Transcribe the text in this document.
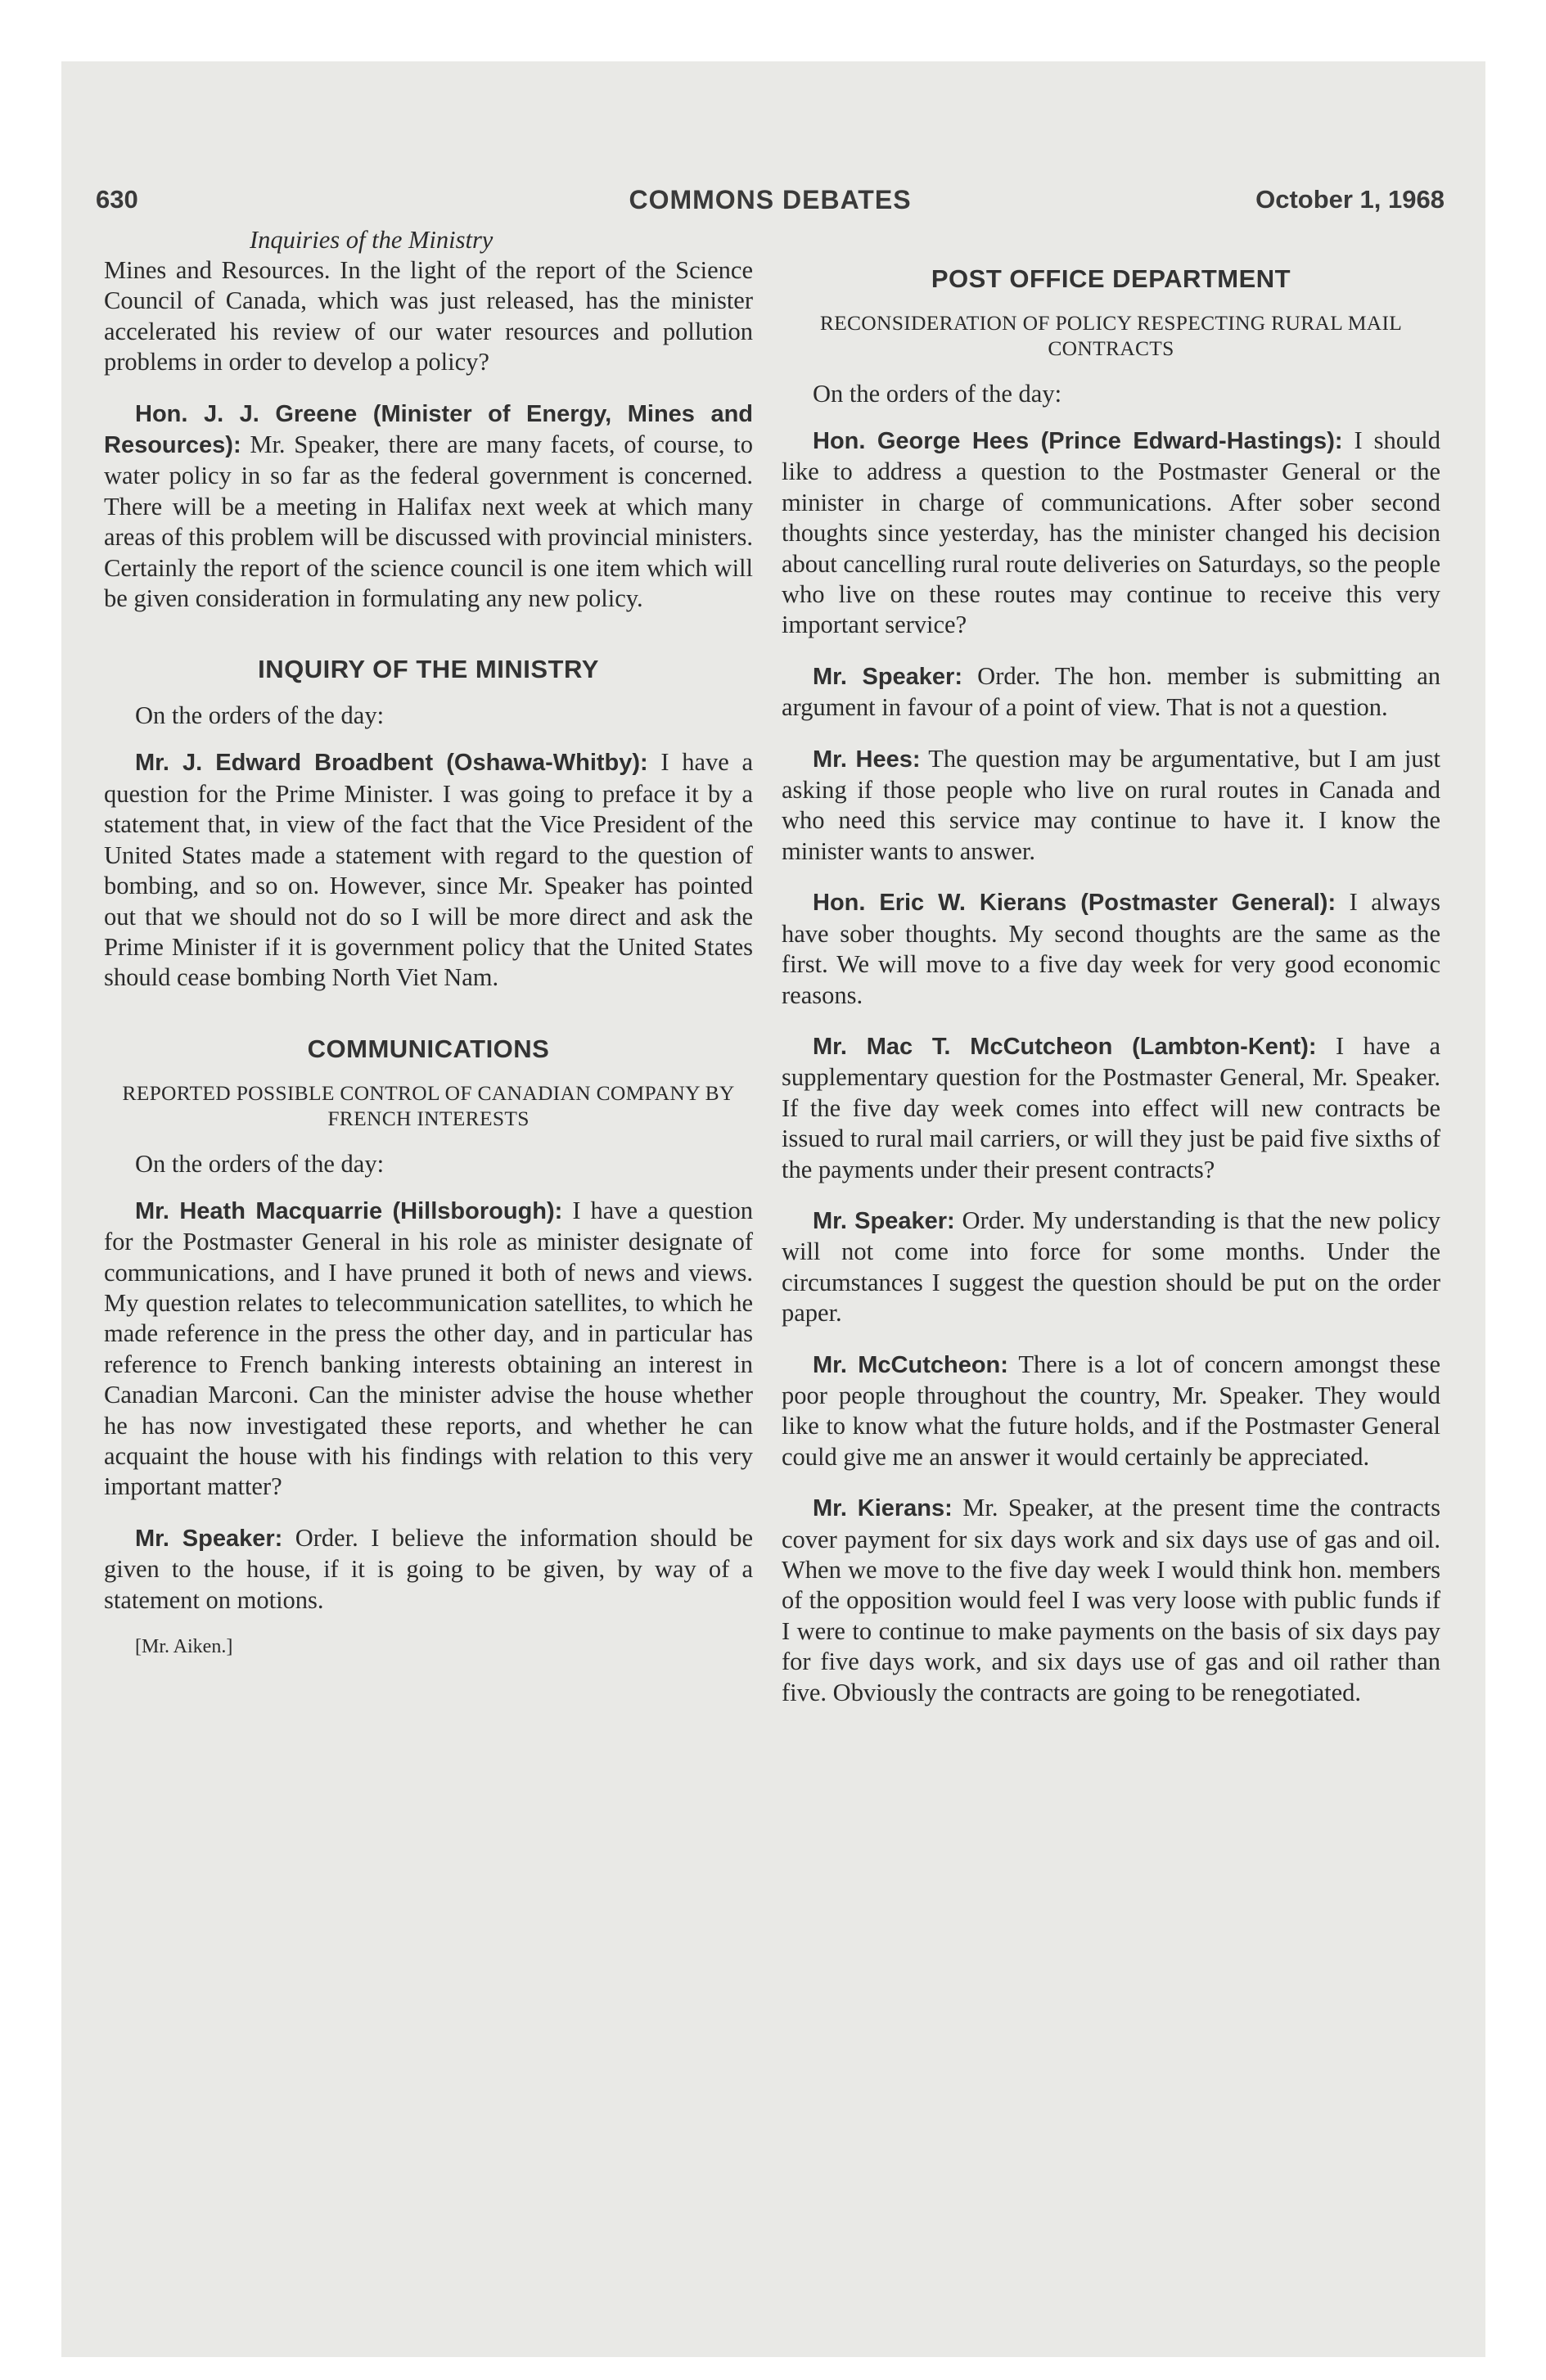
630	COMMONS DEBATES	October 1, 1968
Inquiries of the Ministry

Mines and Resources. In the light of the report of the Science Council of Canada, which was just released, has the minister accelerated his review of our water resources and pollution problems in order to develop a policy?

Hon. J. J. Greene (Minister of Energy, Mines and Resources): Mr. Speaker, there are many facets, of course, to water policy in so far as the federal government is concerned. There will be a meeting in Halifax next week at which many areas of this problem will be discussed with provincial ministers. Certainly the report of the science council is one item which will be given consideration in formulating any new policy.

INQUIRY OF THE MINISTRY
On the orders of the day:

Mr. J. Edward Broadbent (Oshawa-Whitby): I have a question for the Prime Minister. I was going to preface it by a statement that, in view of the fact that the Vice President of the United States made a statement with regard to the question of bombing, and so on. However, since Mr. Speaker has pointed out that we should not do so I will be more direct and ask the Prime Minister if it is government policy that the United States should cease bombing North Viet Nam.

COMMUNICATIONS
REPORTED POSSIBLE CONTROL OF CANADIAN COMPANY BY FRENCH INTERESTS
On the orders of the day:

Mr. Heath Macquarrie (Hillsborough): I have a question for the Postmaster General in his role as minister designate of communications, and I have pruned it both of news and views. My question relates to telecommunication satellites, to which he made reference in the press the other day, and in particular has reference to French banking interests obtaining an interest in Canadian Marconi. Can the minister advise the house whether he has now investigated these reports, and whether he can acquaint the house with his findings with relation to this very important matter?

Mr. Speaker: Order. I believe the information should be given to the house, if it is going to be given, by way of a statement on motions.

[Mr. Aiken.]
POST OFFICE DEPARTMENT
RECONSIDERATION OF POLICY RESPECTING RURAL MAIL CONTRACTS
On the orders of the day:

Hon. George Hees (Prince Edward-Hastings): I should like to address a question to the Postmaster General or the minister in charge of communications. After sober second thoughts since yesterday, has the minister changed his decision about cancelling rural route deliveries on Saturdays, so the people who live on these routes may continue to receive this very important service?

Mr. Speaker: Order. The hon. member is submitting an argument in favour of a point of view. That is not a question.

Mr. Hees: The question may be argumentative, but I am just asking if those people who live on rural routes in Canada and who need this service may continue to have it. I know the minister wants to answer.

Hon. Eric W. Kierans (Postmaster General): I always have sober thoughts. My second thoughts are the same as the first. We will move to a five day week for very good economic reasons.

Mr. Mac T. McCutcheon (Lambton-Kent): I have a supplementary question for the Postmaster General, Mr. Speaker. If the five day week comes into effect will new contracts be issued to rural mail carriers, or will they just be paid five sixths of the payments under their present contracts?

Mr. Speaker: Order. My understanding is that the new policy will not come into force for some months. Under the circumstances I suggest the question should be put on the order paper.

Mr. McCutcheon: There is a lot of concern amongst these poor people throughout the country, Mr. Speaker. They would like to know what the future holds, and if the Postmaster General could give me an answer it would certainly be appreciated.

Mr. Kierans: Mr. Speaker, at the present time the contracts cover payment for six days work and six days use of gas and oil. When we move to the five day week I would think hon. members of the opposition would feel I was very loose with public funds if I were to continue to make payments on the basis of six days pay for five days work, and six days use of gas and oil rather than five. Obviously the contracts are going to be renegotiated.
